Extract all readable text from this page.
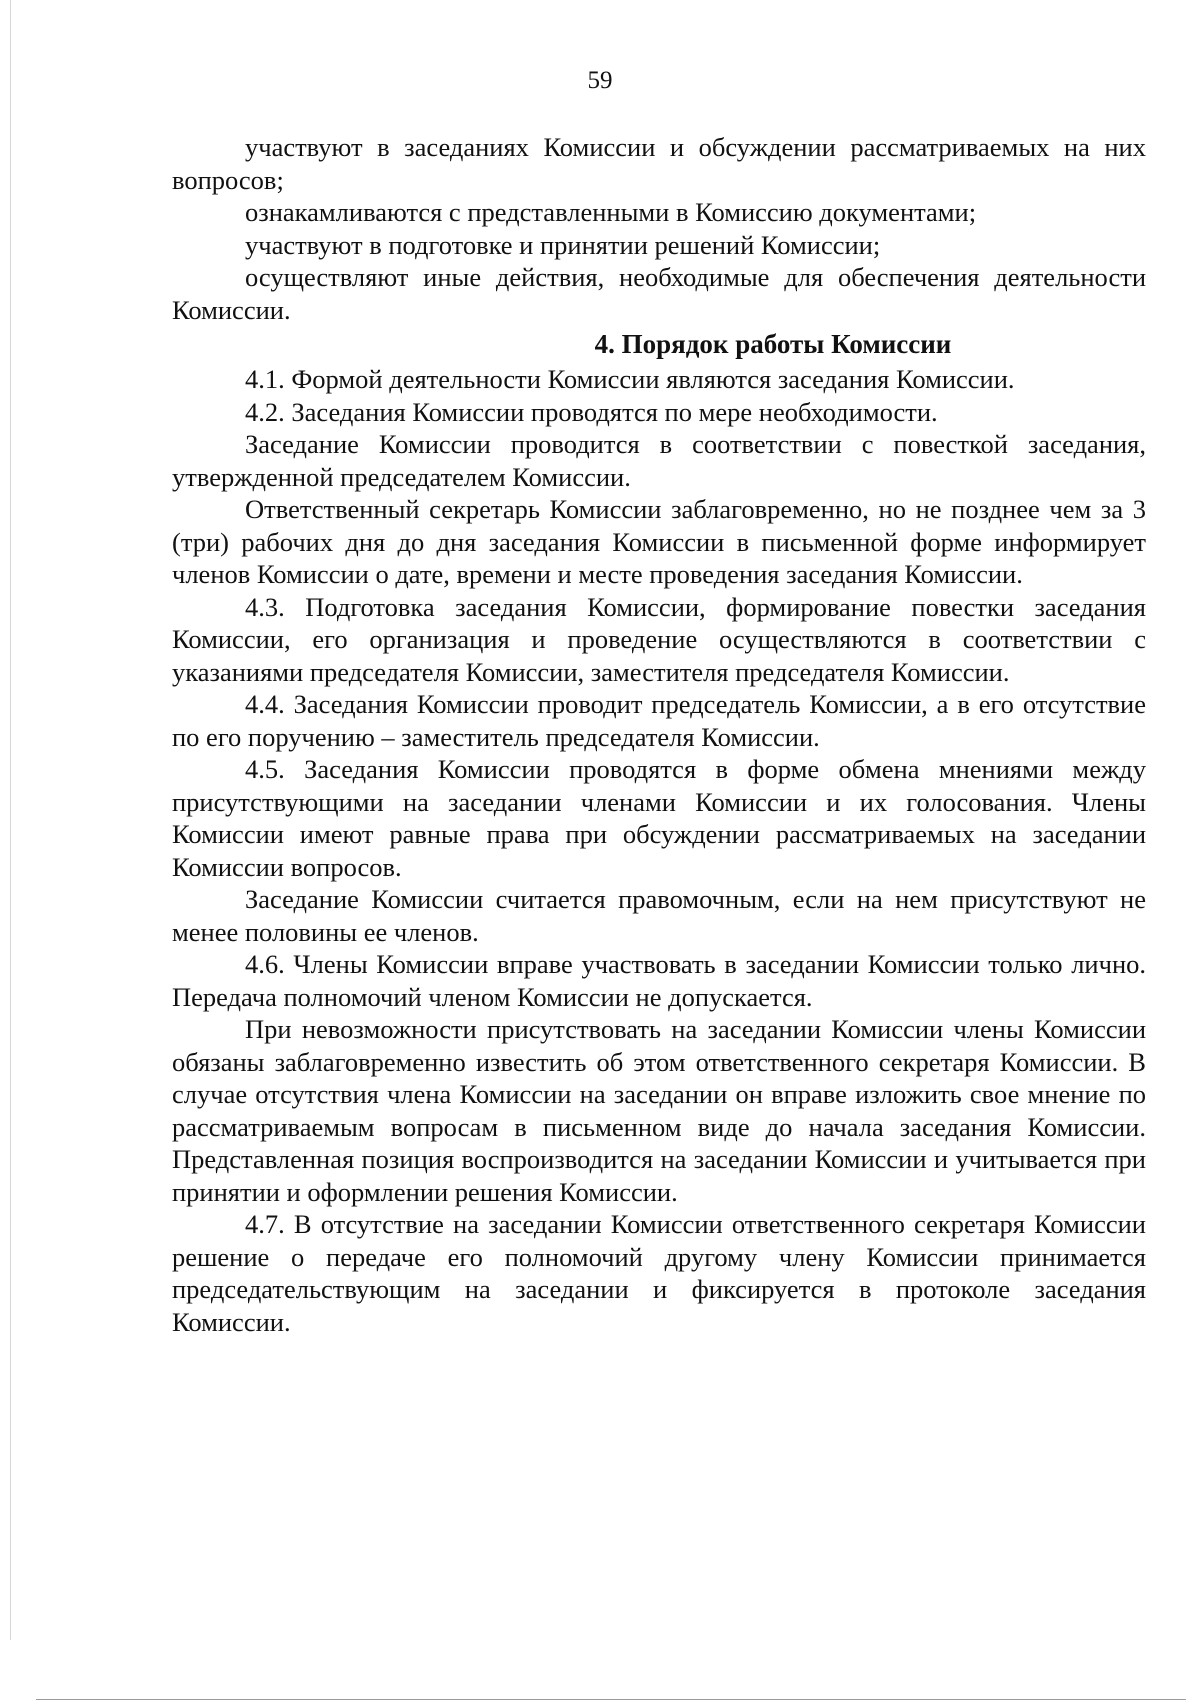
59

участвуют в заседаниях Комиссии и обсуждении рассматриваемых на них вопросов;

ознакамливаются с представленными в Комиссию документами;

участвуют в подготовке и принятии решений Комиссии;

осуществляют иные действия, необходимые для обеспечения деятельности Комиссии.

4. Порядок работы Комиссии

4.1. Формой деятельности Комиссии являются заседания Комиссии.

4.2. Заседания Комиссии проводятся по мере необходимости.

Заседание Комиссии проводится в соответствии с повесткой заседания, утвержденной председателем Комиссии.

Ответственный секретарь Комиссии заблаговременно, но не позднее чем за 3 (три) рабочих дня до дня заседания Комиссии в письменной форме информирует членов Комиссии о дате, времени и месте проведения заседания Комиссии.

4.3. Подготовка заседания Комиссии, формирование повестки заседания Комиссии, его организация и проведение осуществляются в соответствии с указаниями председателя Комиссии, заместителя председателя Комиссии.

4.4. Заседания Комиссии проводит председатель Комиссии, а в его отсутствие по его поручению – заместитель председателя Комиссии.

4.5. Заседания Комиссии проводятся в форме обмена мнениями между присутствующими на заседании членами Комиссии и их голосования. Члены Комиссии имеют равные права при обсуждении рассматриваемых на заседании Комиссии вопросов.

Заседание Комиссии считается правомочным, если на нем присутствуют не менее половины ее членов.

4.6. Члены Комиссии вправе участвовать в заседании Комиссии только лично. Передача полномочий членом Комиссии не допускается.

При невозможности присутствовать на заседании Комиссии члены Комиссии обязаны заблаговременно известить об этом ответственного секретаря Комиссии. В случае отсутствия члена Комиссии на заседании он вправе изложить свое мнение по рассматриваемым вопросам в письменном виде до начала заседания Комиссии. Представленная позиция воспроизводится на заседании Комиссии и учитывается при принятии и оформлении решения Комиссии.

4.7. В отсутствие на заседании Комиссии ответственного секретаря Комиссии решение о передаче его полномочий другому члену Комиссии принимается председательствующим на заседании и фиксируется в протоколе заседания Комиссии.
